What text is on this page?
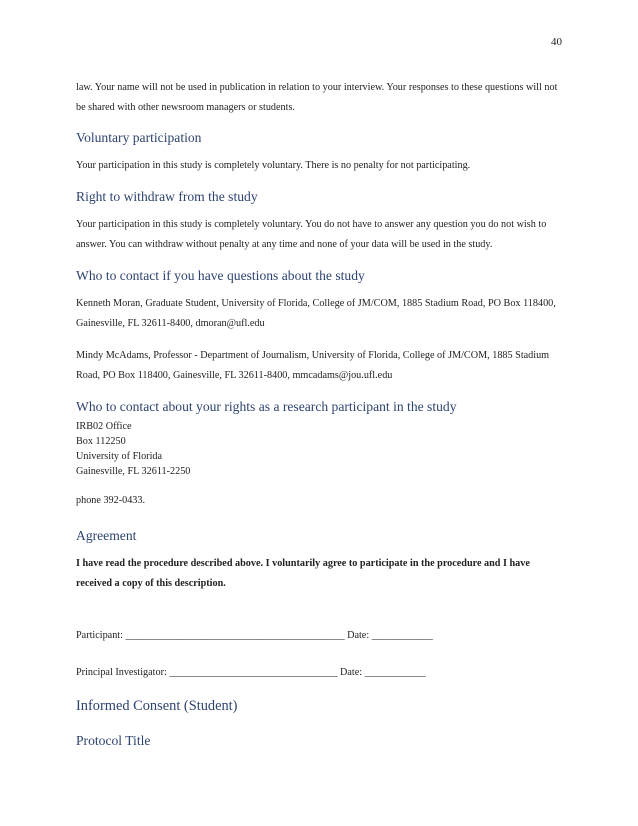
40

law. Your name will not be used in publication in relation to your interview. Your responses to these questions will not be shared with other newsroom managers or students.

Voluntary participation

Your participation in this study is completely voluntary. There is no penalty for not participating.

Right to withdraw from the study

Your participation in this study is completely voluntary. You do not have to answer any question you do not wish to answer. You can withdraw without penalty at any time and none of your data will be used in the study.

Who to contact if you have questions about the study

Kenneth Moran, Graduate Student, University of Florida, College of JM/COM, 1885 Stadium Road, PO Box 118400, Gainesville, FL 32611-8400, dmoran@ufl.edu

Mindy McAdams, Professor - Department of Journalism, University of Florida, College of JM/COM, 1885 Stadium Road, PO Box 118400, Gainesville, FL 32611-8400, mmcadams@jou.ufl.edu

Who to contact about your rights as a research participant in the study
IRB02 Office
Box 112250
University of Florida
Gainesville, FL 32611-2250
phone 392-0433.
Agreement

I have read the procedure described above. I voluntarily agree to participate in the procedure and I have received a copy of this description.

Participant: ___________________________________________ Date: ____________
Principal Investigator: _________________________________ Date: ____________
Informed Consent (Student)
Protocol Title
